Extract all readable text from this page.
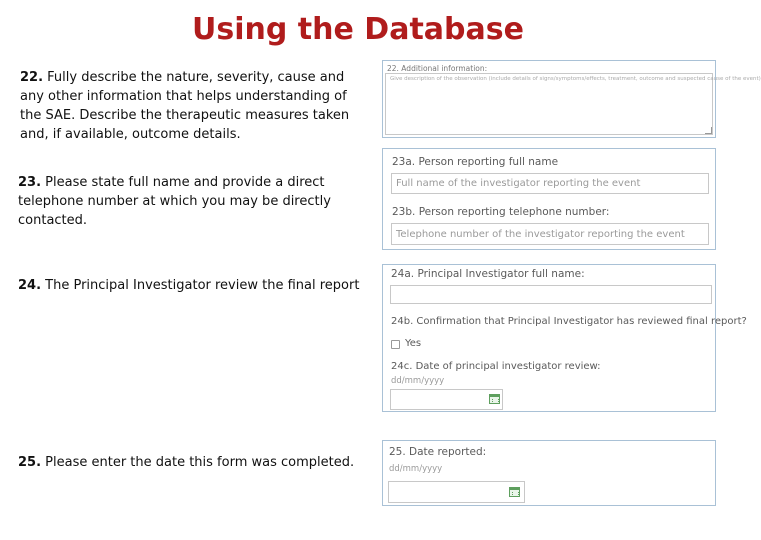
Using the Database
22. Fully describe the nature, severity, cause and any other information that helps understanding of the SAE. Describe the therapeutic measures taken and, if available, outcome details.
23. Please state full name and provide a direct telephone number at which you may be directly contacted.
24. The Principal Investigator review the final report
25. Please enter the date this form was completed.
22. Additional information:
Give description of the observation (include details of signs/symptoms/effects, treatment, outcome and suspected cause of the event)
23a. Person reporting full name
Full name of the investigator reporting the event
23b. Person reporting telephone number:
Telephone number of the investigator reporting the event
24a. Principal Investigator full name:
24b. Confirmation that Principal Investigator has reviewed final report?
Yes
24c. Date of principal investigator review:
dd/mm/yyyy
25. Date reported:
dd/mm/yyyy
